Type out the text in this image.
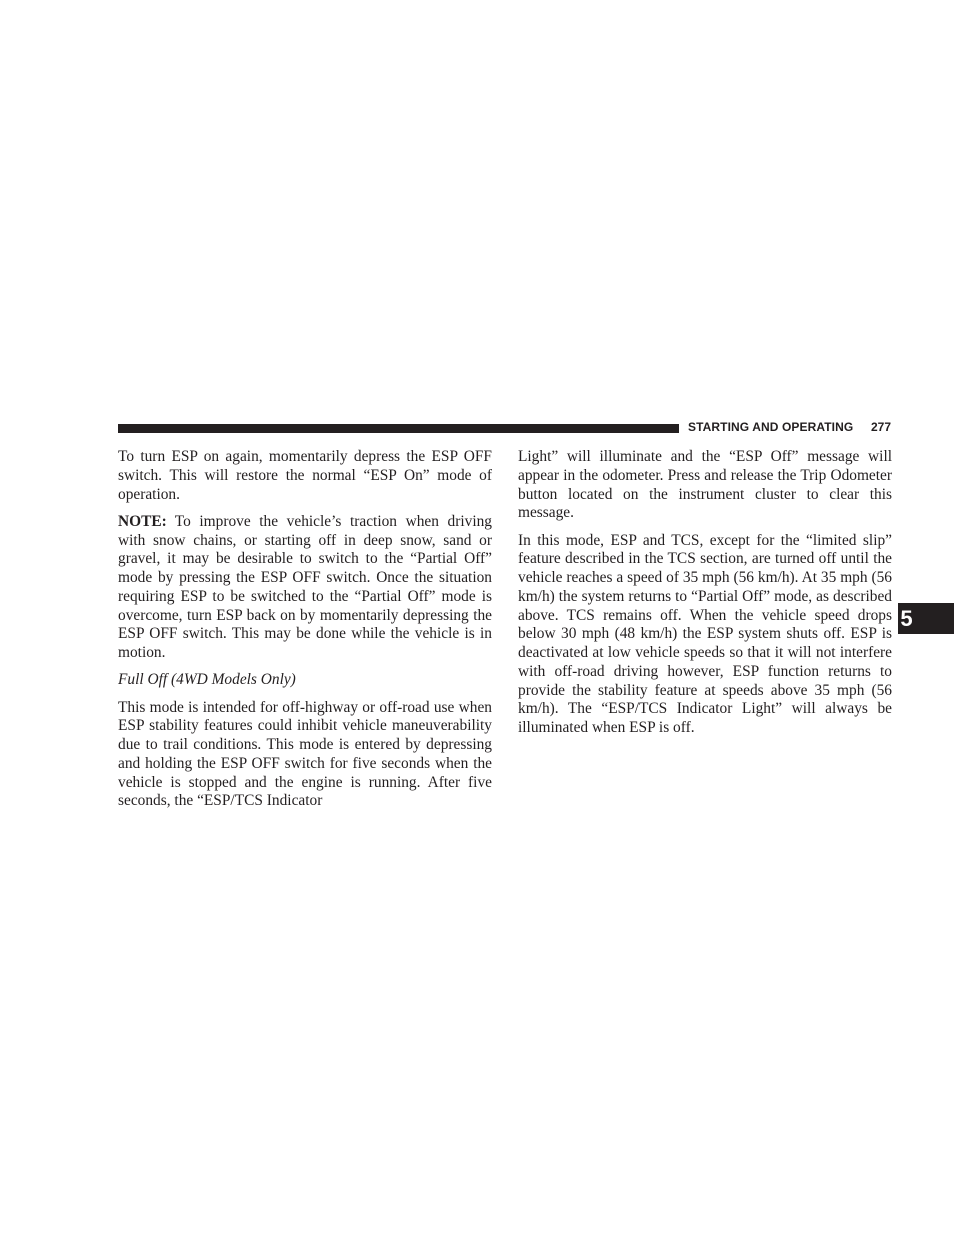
STARTING AND OPERATING 277

To turn ESP on again, momentarily depress the ESP OFF switch. This will restore the normal “ESP On” mode of operation.

NOTE: To improve the vehicle’s traction when driving with snow chains, or starting off in deep snow, sand or gravel, it may be desirable to switch to the “Partial Off” mode by pressing the ESP OFF switch. Once the situation requiring ESP to be switched to the “Partial Off” mode is overcome, turn ESP back on by momentarily depressing the ESP OFF switch. This may be done while the vehicle is in motion.

Full Off (4WD Models Only)

This mode is intended for off-highway or off-road use when ESP stability features could inhibit vehicle maneuverability due to trail conditions. This mode is entered by depressing and holding the ESP OFF switch for five seconds when the vehicle is stopped and the engine is running. After five seconds, the “ESP/TCS Indicator

Light” will illuminate and the “ESP Off” message will appear in the odometer. Press and release the Trip Odometer button located on the instrument cluster to clear this message.

In this mode, ESP and TCS, except for the “limited slip” feature described in the TCS section, are turned off until the vehicle reaches a speed of 35 mph (56 km/h). At 35 mph (56 km/h) the system returns to “Partial Off” mode, as described above. TCS remains off. When the vehicle speed drops below 30 mph (48 km/h) the ESP system shuts off. ESP is deactivated at low vehicle speeds so that it will not interfere with off-road driving however, ESP function returns to provide the stability feature at speeds above 35 mph (56 km/h). The “ESP/TCS Indicator Light” will always be illuminated when ESP is off.

5
